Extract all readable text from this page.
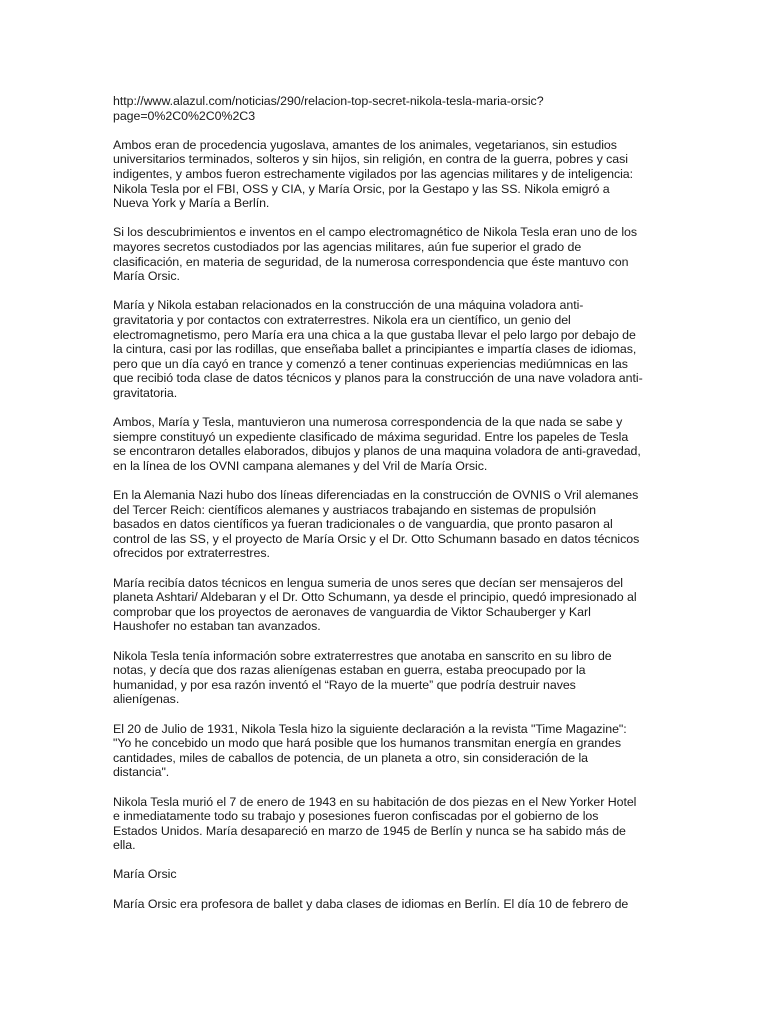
http://www.alazul.com/noticias/290/relacion-top-secret-nikola-tesla-maria-orsic?
page=0%2C0%2C0%2C3

Ambos eran de procedencia yugoslava, amantes de los animales, vegetarianos, sin estudios
universitarios terminados, solteros y sin hijos, sin religión, en contra de la guerra, pobres y casi
indigentes, y ambos fueron estrechamente vigilados por las agencias militares y de inteligencia:
Nikola Tesla por el FBI, OSS y CIA, y María Orsic, por la Gestapo y las SS. Nikola emigró a
Nueva York y María a Berlín.

Si los descubrimientos e inventos en el campo electromagnético de Nikola Tesla eran uno de los
mayores secretos custodiados por las agencias militares, aún fue superior el grado de
clasificación, en materia de seguridad, de la numerosa correspondencia que éste mantuvo con
María Orsic.

María y Nikola estaban relacionados en la construcción de una máquina voladora anti-
gravitatoria y por contactos con extraterrestres. Nikola era un científico, un genio del
electromagnetismo, pero María era una chica a la que gustaba llevar el pelo largo por debajo de
la cintura, casi por las rodillas, que enseñaba ballet a principiantes e impartía clases de idiomas,
pero que un día cayó en trance y comenzó a tener continuas experiencias mediúmnicas en las
que recibió toda clase de datos técnicos y planos para la construcción de una nave voladora anti-
gravitatoria.

Ambos, María y Tesla, mantuvieron una numerosa correspondencia de la que nada se sabe y
siempre constituyó un expediente clasificado de máxima seguridad. Entre los papeles de Tesla
se encontraron detalles elaborados, dibujos y planos de una maquina voladora de anti-gravedad,
en la línea de los OVNI campana alemanes y del Vril de María Orsic.

En la Alemania Nazi hubo dos líneas diferenciadas en la construcción de OVNIS o Vril alemanes
del Tercer Reich: científicos alemanes y austriacos trabajando en sistemas de propulsión
basados en datos científicos ya fueran tradicionales o de vanguardia, que pronto pasaron al
control de las SS, y el proyecto de María Orsic y el Dr. Otto Schumann basado en datos técnicos
ofrecidos por extraterrestres.

María recibía datos técnicos en lengua sumeria de unos seres que decían ser mensajeros del
planeta Ashtari/ Aldebaran y el Dr. Otto Schumann, ya desde el principio, quedó impresionado al
comprobar que los proyectos de aeronaves de vanguardia de Viktor Schauberger y Karl
Haushofer no estaban tan avanzados.

Nikola Tesla tenía información sobre extraterrestres que anotaba en sanscrito en su libro de
notas, y decía que dos razas alienígenas estaban en guerra, estaba preocupado por la
humanidad, y por esa razón inventó el “Rayo de la muerte” que podría destruir naves
alienígenas.

El 20 de Julio de 1931, Nikola Tesla hizo la siguiente declaración a la revista "Time Magazine":
"Yo he concebido un modo que hará posible que los humanos transmitan energía en grandes
cantidades, miles de caballos de potencia, de un planeta a otro, sin consideración de la
distancia".

Nikola Tesla murió el 7 de enero de 1943 en su habitación de dos piezas en el New Yorker Hotel
e inmediatamente todo su trabajo y posesiones fueron confiscadas por el gobierno de los
Estados Unidos. María desapareció en marzo de 1945 de Berlín y nunca se ha sabido más de
ella.

María Orsic

María Orsic era profesora de ballet y daba clases de idiomas en Berlín. El día 10 de febrero de
